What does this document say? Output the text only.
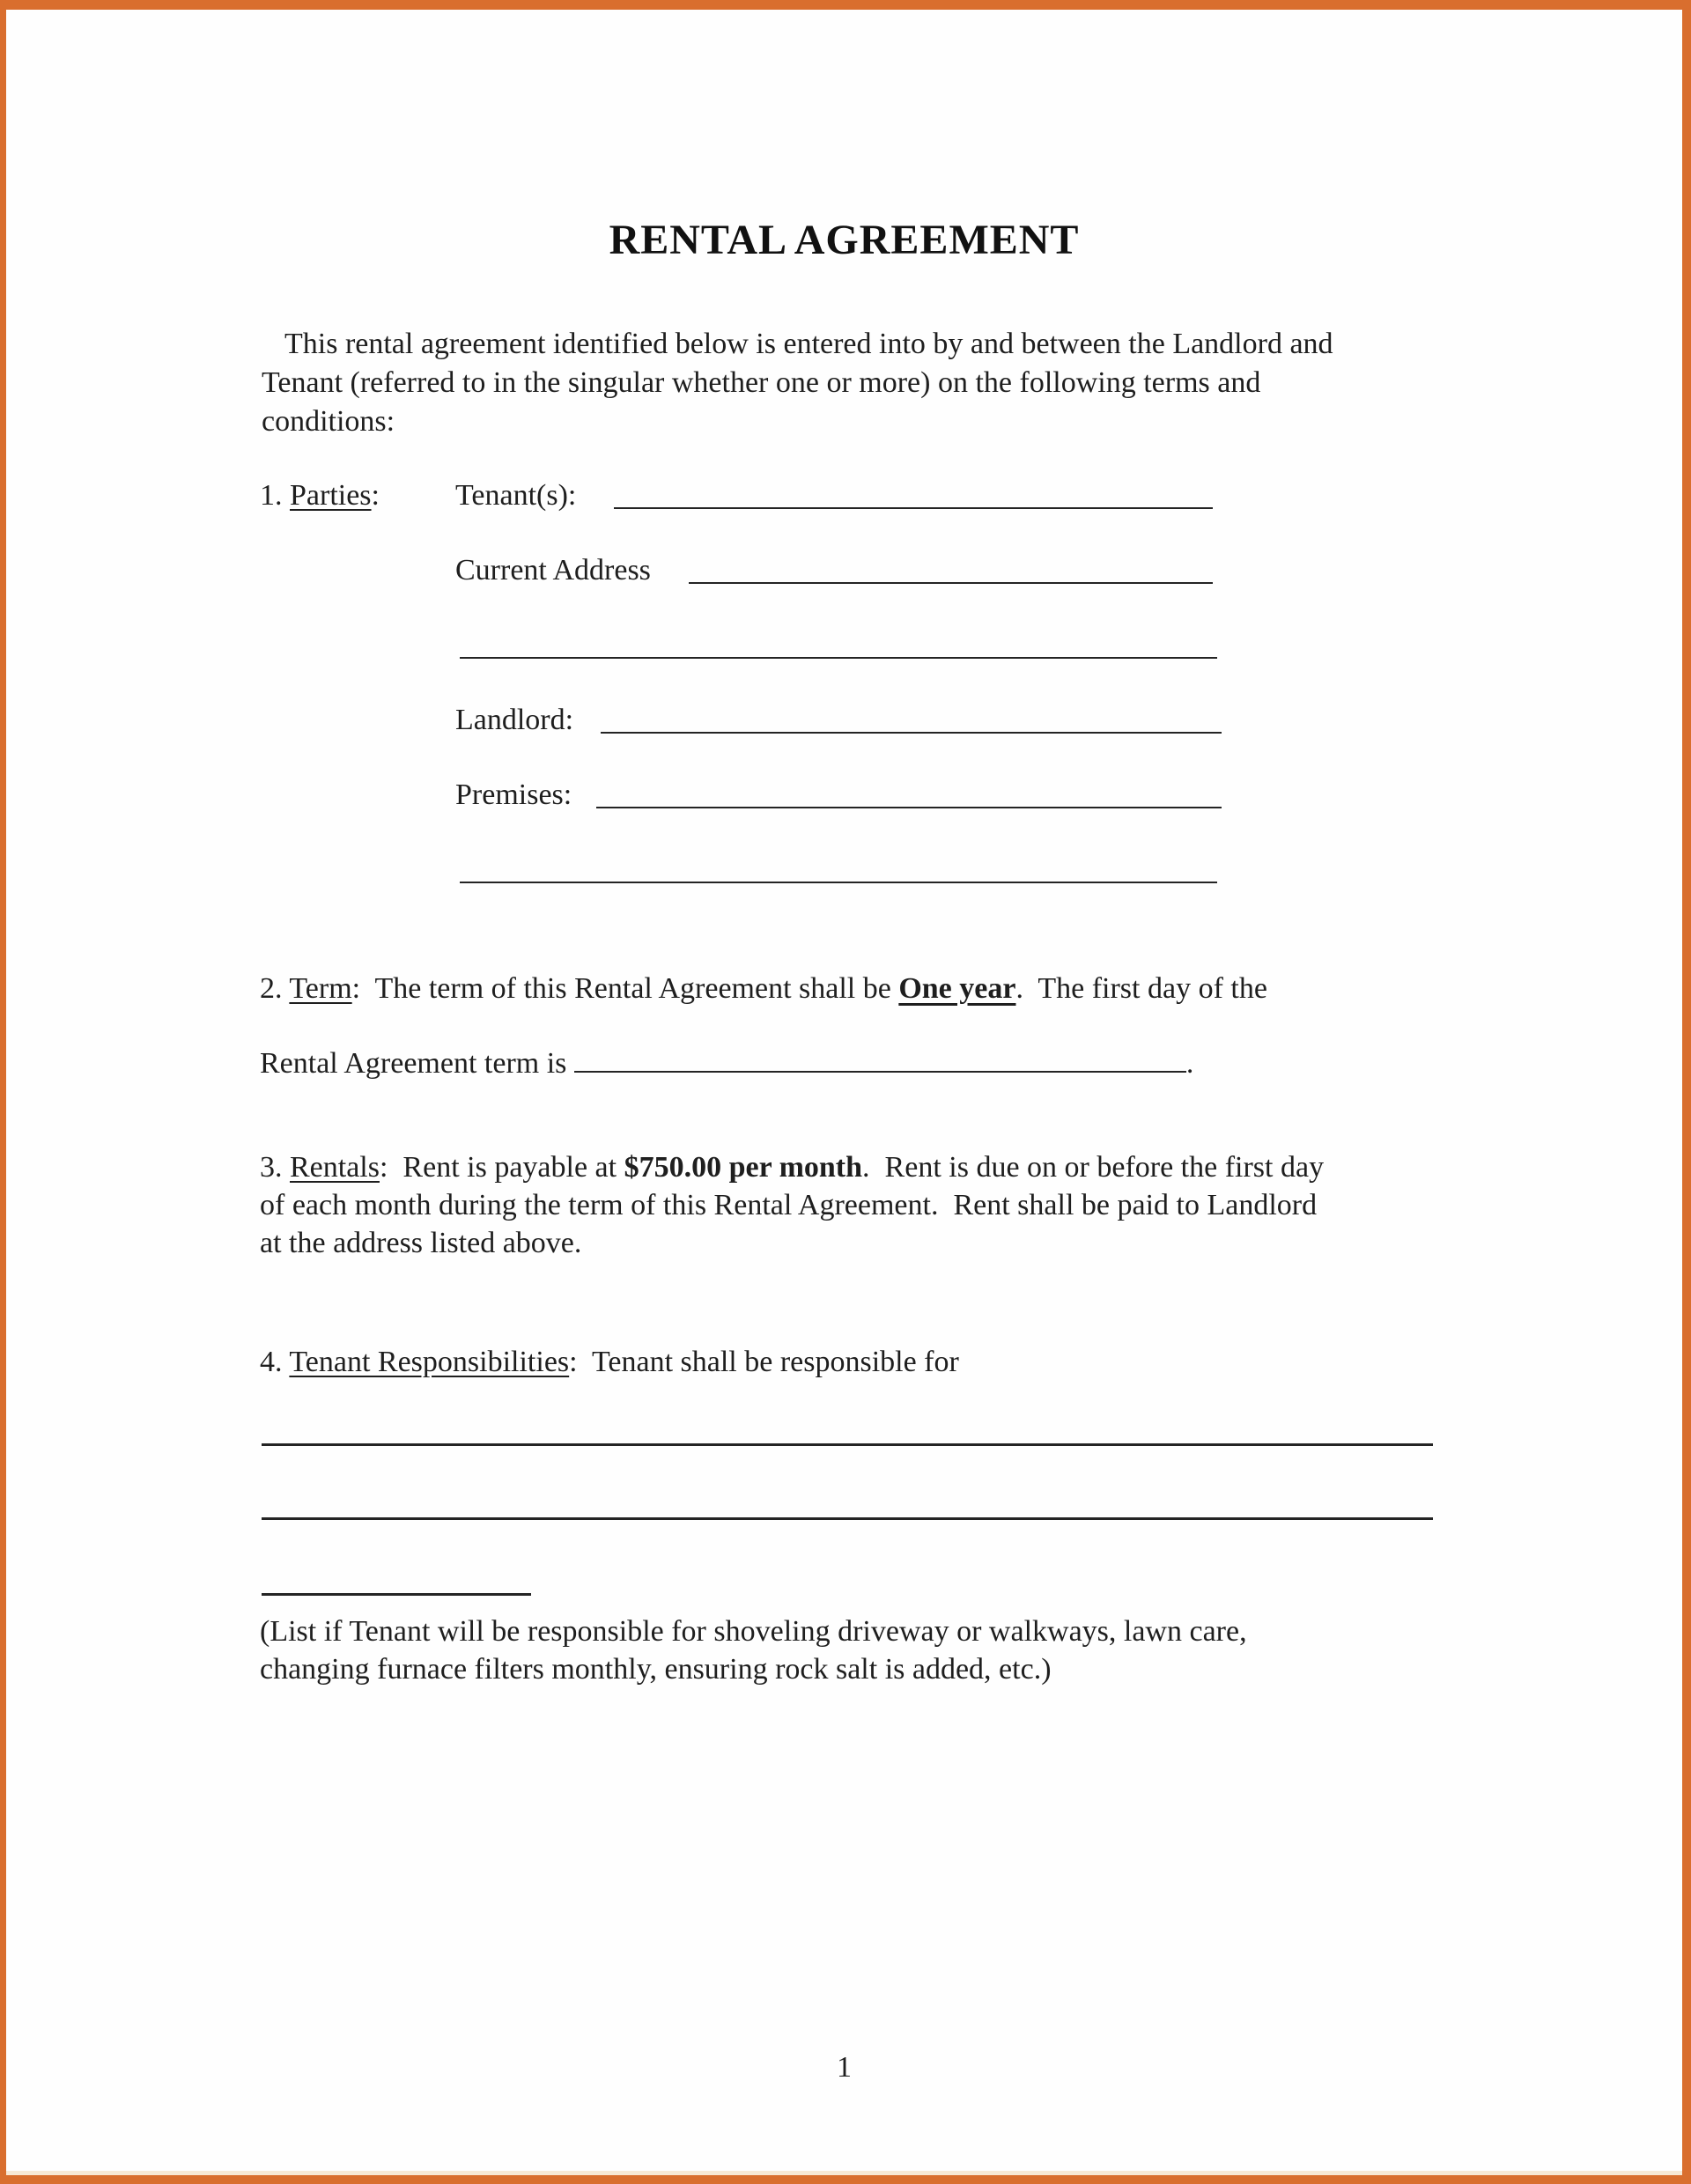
RENTAL AGREEMENT
This rental agreement identified below is entered into by and between the Landlord and
Tenant (referred to in the singular whether one or more) on the following terms and
conditions:
1. Parties:	Tenant(s):
Current Address
Landlord:
Premises:
2. Term:  The term of this Rental Agreement shall be One year.  The first day of the
Rental Agreement term is	.
3. Rentals:  Rent is payable at $750.00 per month.  Rent is due on or before the first day
of each month during the term of this Rental Agreement.  Rent shall be paid to Landlord
at the address listed above.
4. Tenant Responsibilities:  Tenant shall be responsible for
(List if Tenant will be responsible for shoveling driveway or walkways, lawn care,
changing furnace filters monthly, ensuring rock salt is added, etc.)
1
